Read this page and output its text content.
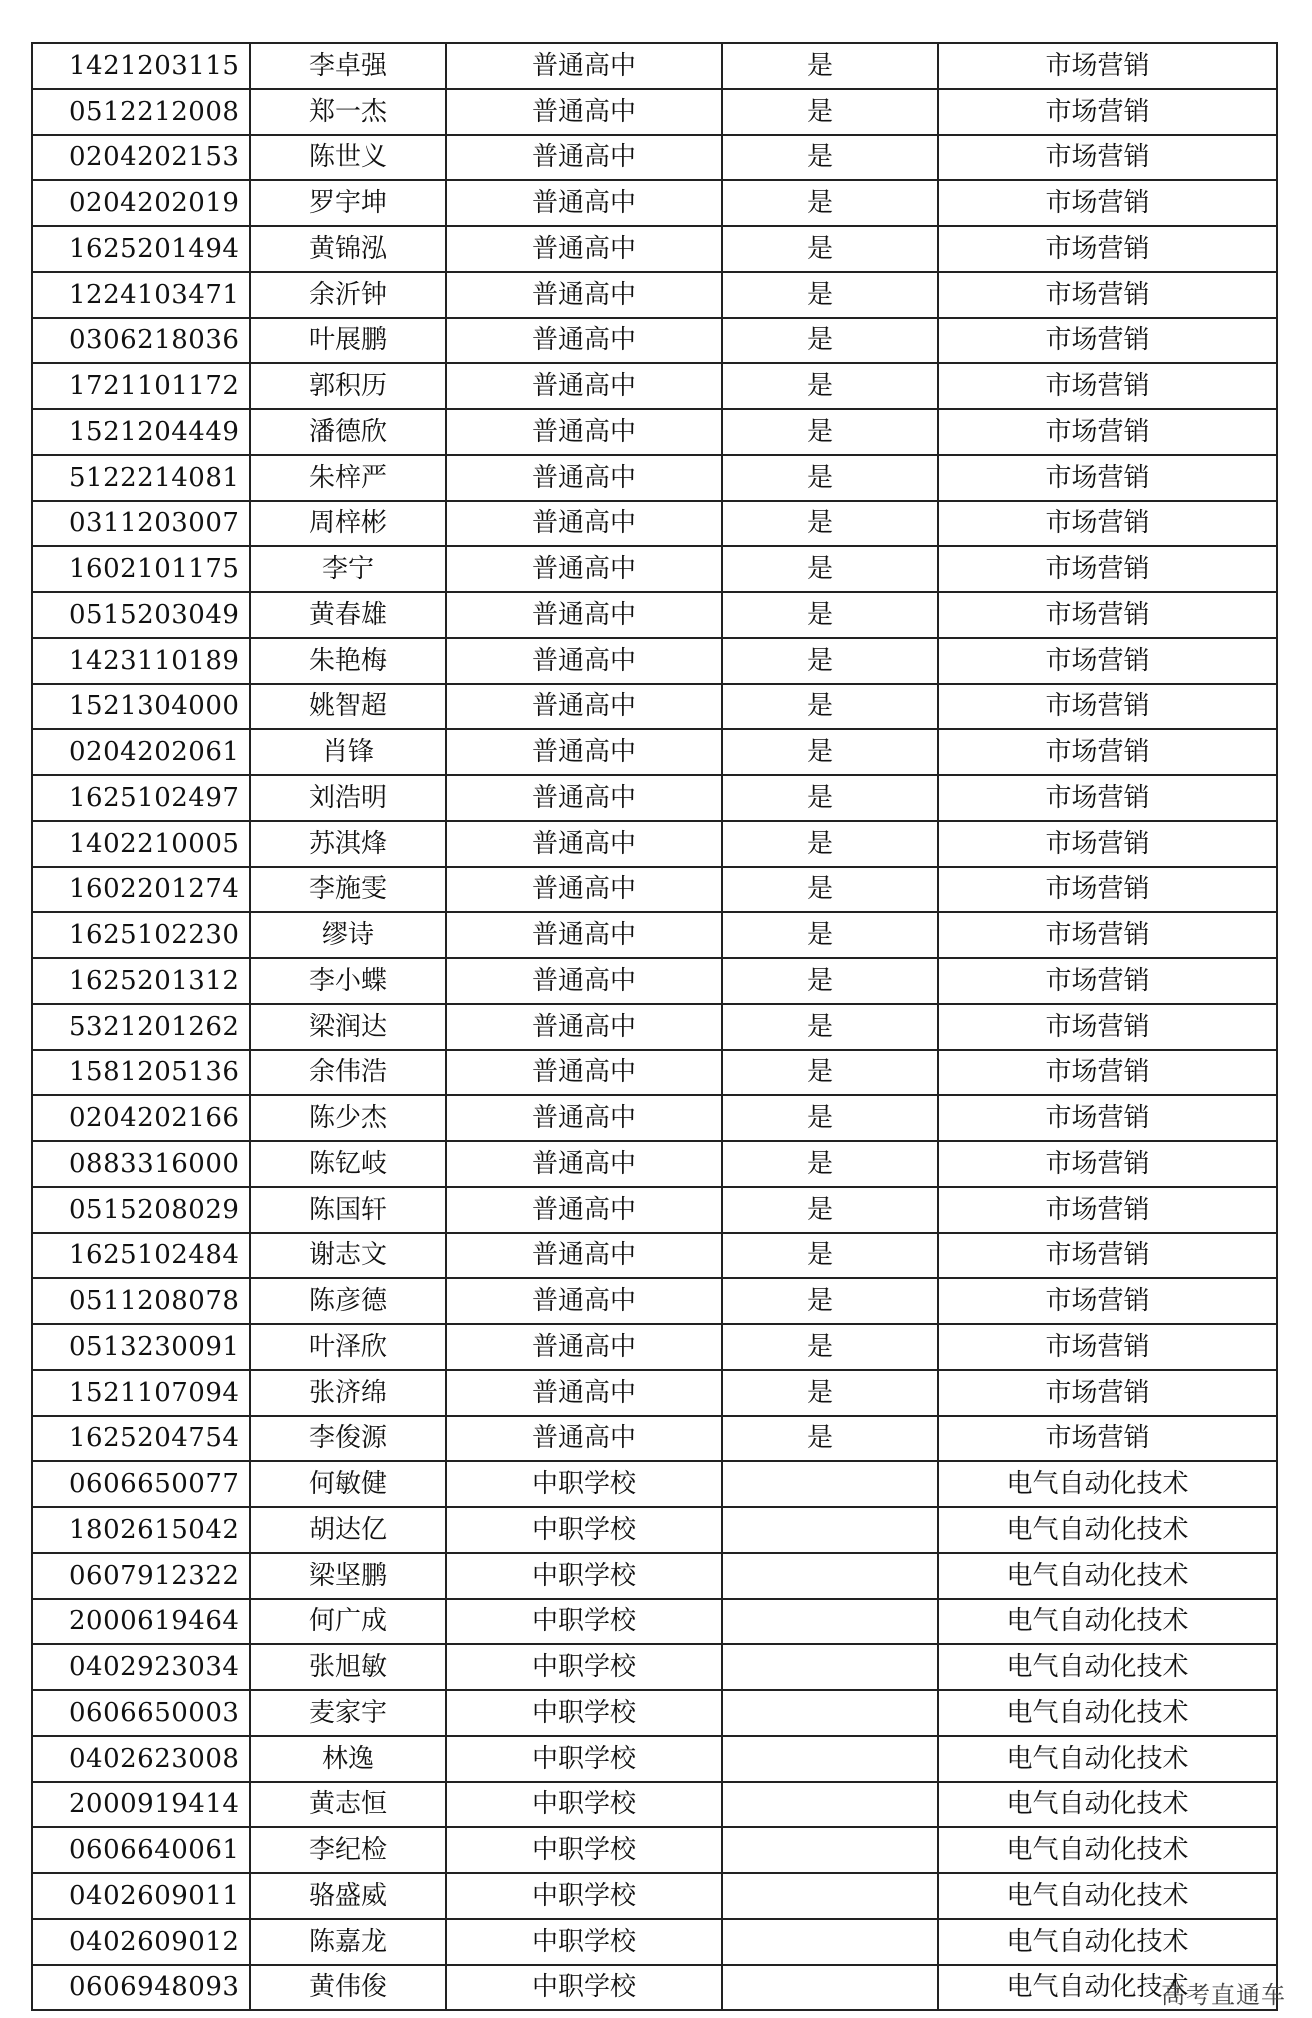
1421203115	李卓强	普通高中	是	市场营销
0512212008	郑一杰	普通高中	是	市场营销
0204202153	陈世义	普通高中	是	市场营销
0204202019	罗宇坤	普通高中	是	市场营销
1625201494	黄锦泓	普通高中	是	市场营销
1224103471	余沂钟	普通高中	是	市场营销
0306218036	叶展鹏	普通高中	是	市场营销
1721101172	郭积历	普通高中	是	市场营销
1521204449	潘德欣	普通高中	是	市场营销
5122214081	朱梓严	普通高中	是	市场营销
0311203007	周梓彬	普通高中	是	市场营销
1602101175	李宁	普通高中	是	市场营销
0515203049	黄春雄	普通高中	是	市场营销
1423110189	朱艳梅	普通高中	是	市场营销
1521304000	姚智超	普通高中	是	市场营销
0204202061	肖锋	普通高中	是	市场营销
1625102497	刘浩明	普通高中	是	市场营销
1402210005	苏淇烽	普通高中	是	市场营销
1602201274	李施雯	普通高中	是	市场营销
1625102230	缪诗	普通高中	是	市场营销
1625201312	李小蝶	普通高中	是	市场营销
5321201262	梁润达	普通高中	是	市场营销
1581205136	余伟浩	普通高中	是	市场营销
0204202166	陈少杰	普通高中	是	市场营销
0883316000	陈钇岐	普通高中	是	市场营销
0515208029	陈国轩	普通高中	是	市场营销
1625102484	谢志文	普通高中	是	市场营销
0511208078	陈彦德	普通高中	是	市场营销
0513230091	叶泽欣	普通高中	是	市场营销
1521107094	张济绵	普通高中	是	市场营销
1625204754	李俊源	普通高中	是	市场营销
0606650077	何敏健	中职学校		电气自动化技术
1802615042	胡达亿	中职学校		电气自动化技术
0607912322	梁坚鹏	中职学校		电气自动化技术
2000619464	何广成	中职学校		电气自动化技术
0402923034	张旭敏	中职学校		电气自动化技术
0606650003	麦家宇	中职学校		电气自动化技术
0402623008	林逸	中职学校		电气自动化技术
2000919414	黄志恒	中职学校		电气自动化技术
0606640061	李纪检	中职学校		电气自动化技术
0402609011	骆盛威	中职学校		电气自动化技术
0402609012	陈嘉龙	中职学校		电气自动化技术
0606948093	黄伟俊	中职学校		电气自动化技术
高考直通车
